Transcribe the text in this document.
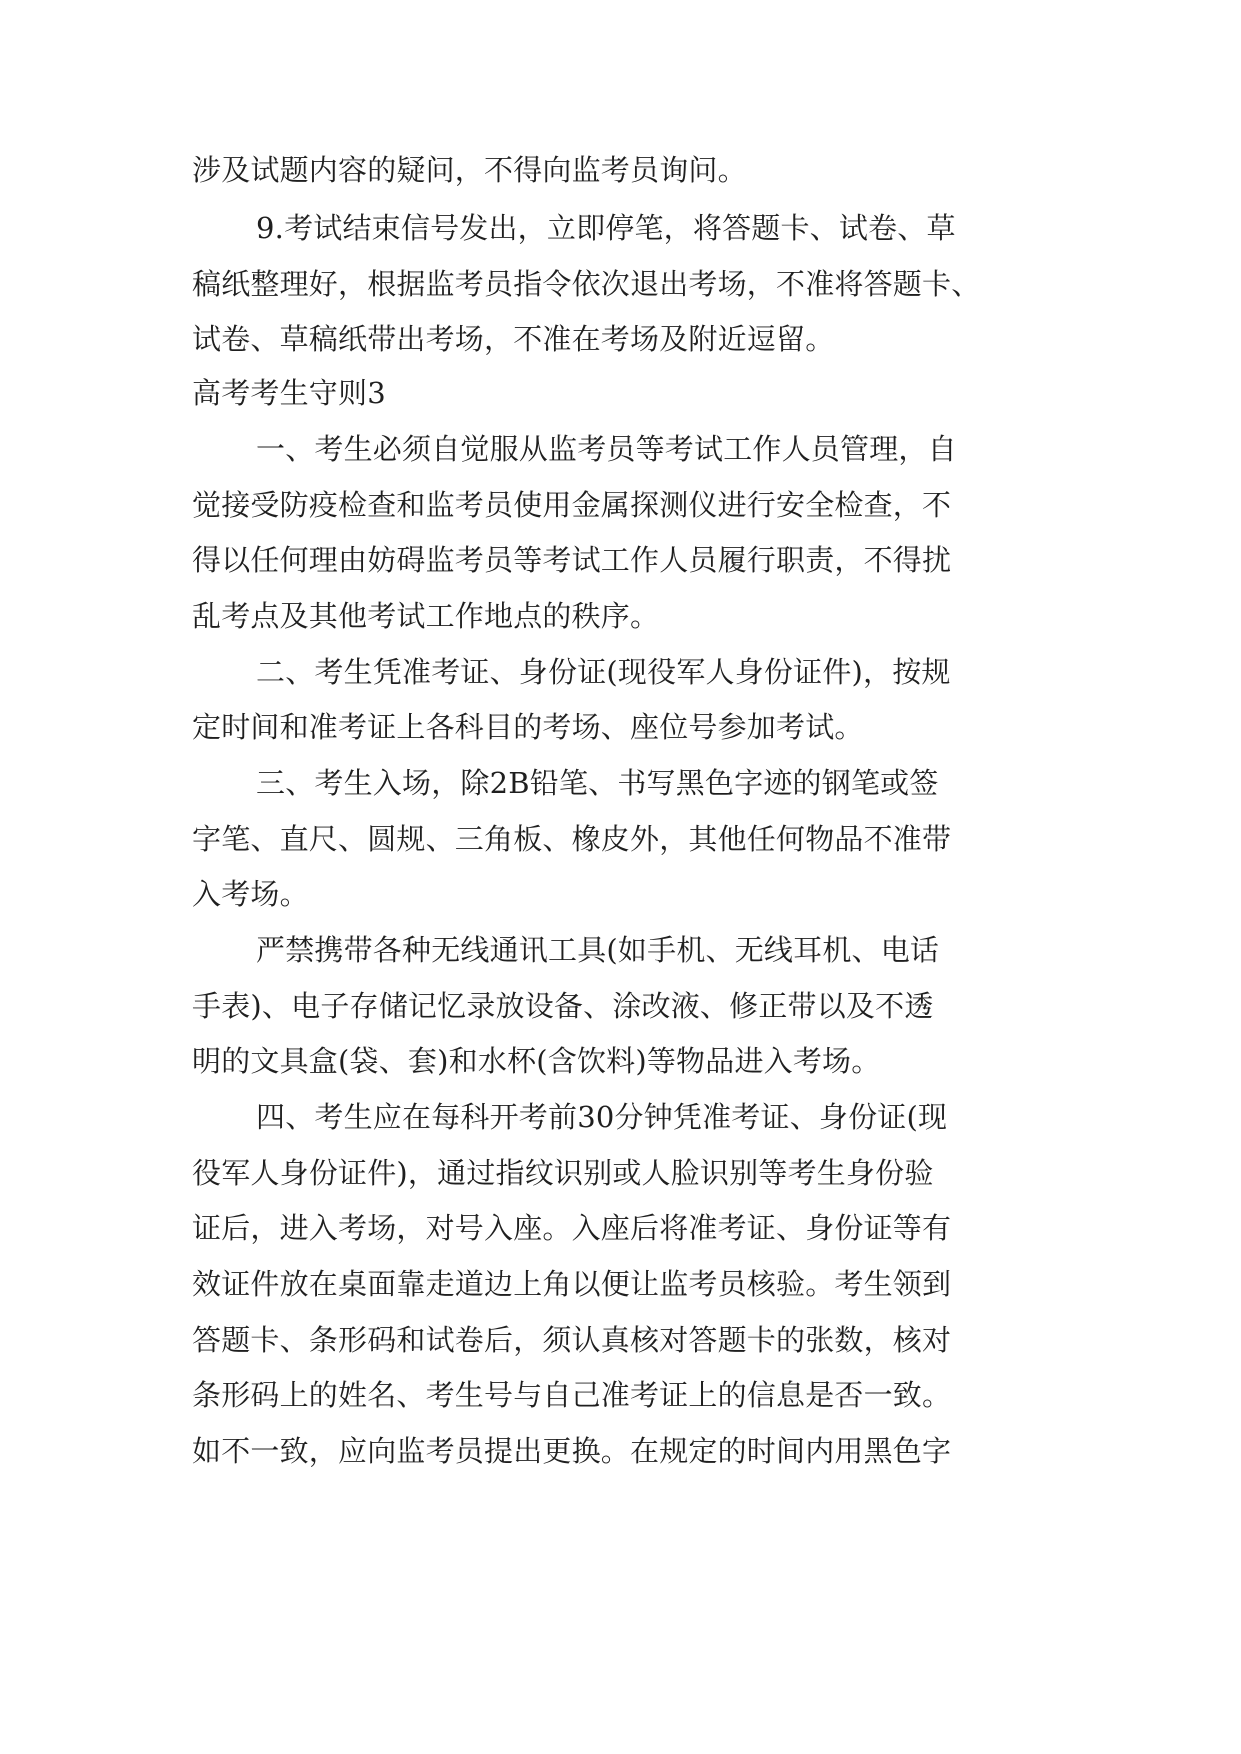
涉及试题内容的疑问，不得向监考员询问。
9.考试结束信号发出，立即停笔，将答题卡、试卷、草
稿纸整理好，根据监考员指令依次退出考场，不准将答题卡、
试卷、草稿纸带出考场，不准在考场及附近逗留。
高考考生守则3
一、考生必须自觉服从监考员等考试工作人员管理，自
觉接受防疫检查和监考员使用金属探测仪进行安全检查，不
得以任何理由妨碍监考员等考试工作人员履行职责，不得扰
乱考点及其他考试工作地点的秩序。
二、考生凭准考证、身份证(现役军人身份证件)，按规
定时间和准考证上各科目的考场、座位号参加考试。
三、考生入场，除2B铅笔、书写黑色字迹的钢笔或签
字笔、直尺、圆规、三角板、橡皮外，其他任何物品不准带
入考场。
严禁携带各种无线通讯工具(如手机、无线耳机、电话
手表)、电子存储记忆录放设备、涂改液、修正带以及不透
明的文具盒(袋、套)和水杯(含饮料)等物品进入考场。
四、考生应在每科开考前30分钟凭准考证、身份证(现
役军人身份证件)，通过指纹识别或人脸识别等考生身份验
证后，进入考场，对号入座。入座后将准考证、身份证等有
效证件放在桌面靠走道边上角以便让监考员核验。考生领到
答题卡、条形码和试卷后，须认真核对答题卡的张数，核对
条形码上的姓名、考生号与自己准考证上的信息是否一致。
如不一致，应向监考员提出更换。在规定的时间内用黑色字
